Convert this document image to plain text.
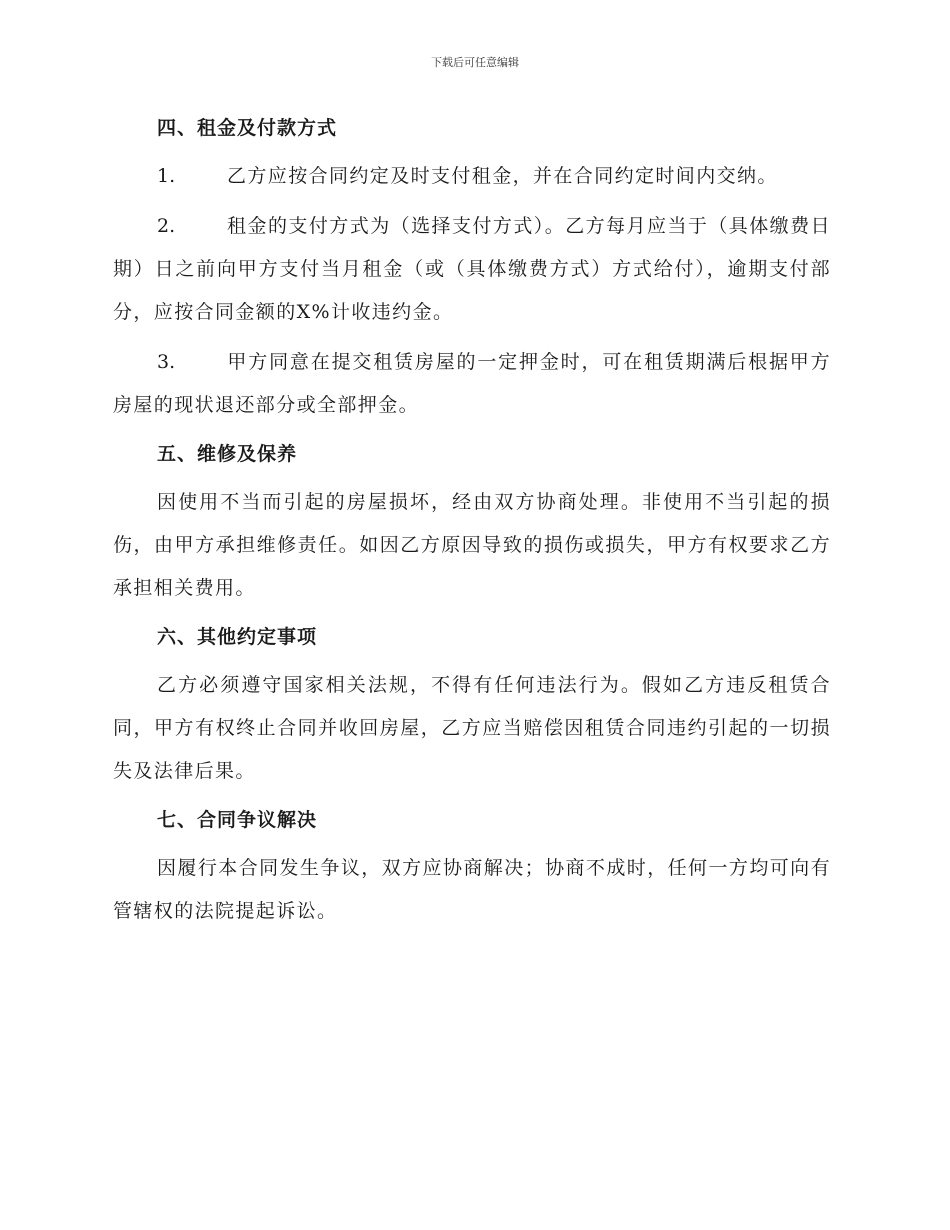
下载后可任意编辑
四、租金及付款方式
1.	乙方应按合同约定及时支付租金，并在合同约定时间内交纳。
2.	租金的支付方式为（选择支付方式）。乙方每月应当于（具体缴费日期）日之前向甲方支付当月租金（或（具体缴费方式）方式给付），逾期支付部分，应按合同金额的X%计收违约金。
3.	甲方同意在提交租赁房屋的一定押金时，可在租赁期满后根据甲方房屋的现状退还部分或全部押金。
五、维修及保养
因使用不当而引起的房屋损坏，经由双方协商处理。非使用不当引起的损伤，由甲方承担维修责任。如因乙方原因导致的损伤或损失，甲方有权要求乙方承担相关费用。
六、其他约定事项
乙方必须遵守国家相关法规，不得有任何违法行为。假如乙方违反租赁合同，甲方有权终止合同并收回房屋，乙方应当赔偿因租赁合同违约引起的一切损失及法律后果。
七、合同争议解决
因履行本合同发生争议，双方应协商解决；协商不成时，任何一方均可向有管辖权的法院提起诉讼。
